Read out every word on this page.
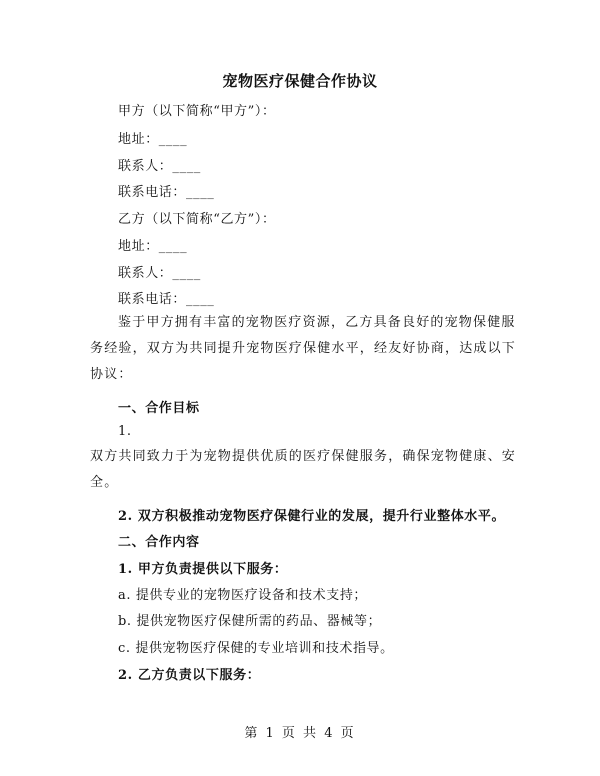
宠物医疗保健合作协议
甲方（以下简称“甲方”）：
地址：____
联系人：____
联系电话：____
乙方（以下简称“乙方”）：
地址：____
联系人：____
联系电话：____

鉴于甲方拥有丰富的宠物医疗资源，乙方具备良好的宠物保健服务经验，双方为共同提升宠物医疗保健水平，经友好协商，达成以下协议：

一、合作目标
1.

双方共同致力于为宠物提供优质的医疗保健服务，确保宠物健康、安全。

2. 双方积极推动宠物医疗保健行业的发展，提升行业整体水平。
二、合作内容
1. 甲方负责提供以下服务：
a. 提供专业的宠物医疗设备和技术支持；
b. 提供宠物医疗保健所需的药品、器械等；
c. 提供宠物医疗保健的专业培训和技术指导。
2. 乙方负责以下服务：
第 1 页 共 4 页
